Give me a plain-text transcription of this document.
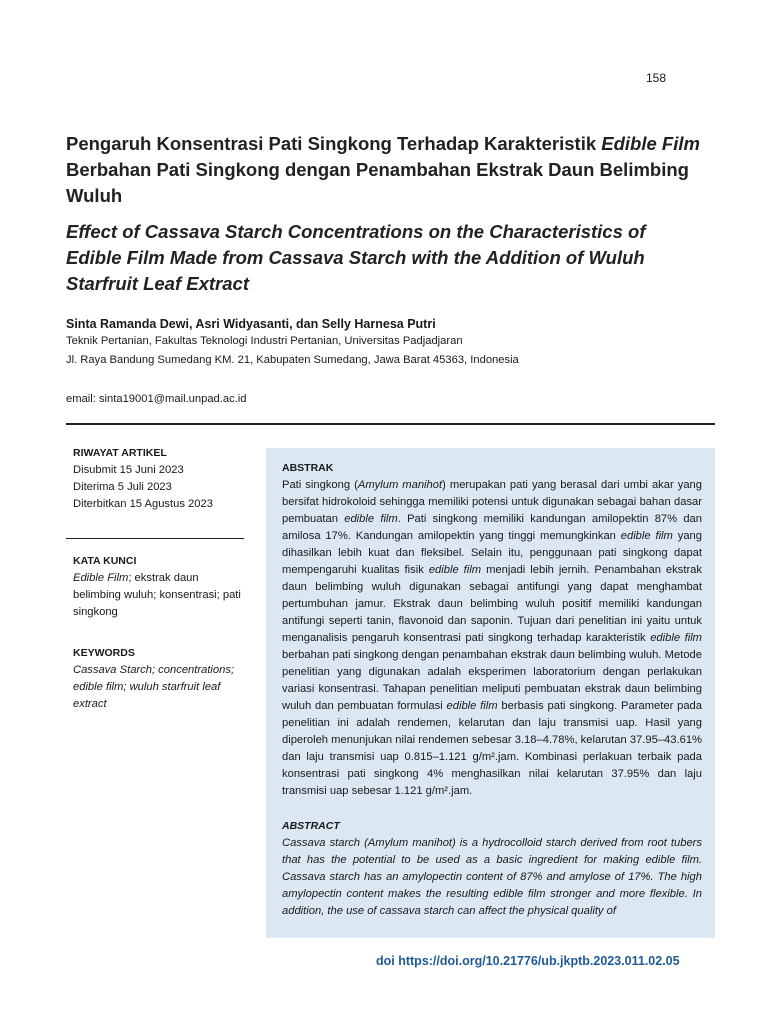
158
Pengaruh Konsentrasi Pati Singkong Terhadap Karakteristik Edible Film Berbahan Pati Singkong dengan Penambahan Ekstrak Daun Belimbing Wuluh
Effect of Cassava Starch Concentrations on the Characteristics of Edible Film Made from Cassava Starch with the Addition of Wuluh Starfruit Leaf Extract
Sinta Ramanda Dewi, Asri Widyasanti, dan Selly Harnesa Putri
Teknik Pertanian, Fakultas Teknologi Industri Pertanian, Universitas Padjadjaran
Jl. Raya Bandung Sumedang KM. 21, Kabupaten Sumedang, Jawa Barat 45363, Indonesia
email: sinta19001@mail.unpad.ac.id
RIWAYAT ARTIKEL
Disubmit 15 Juni 2023
Diterima 5 Juli 2023
Diterbitkan 15 Agustus 2023
KATA KUNCI
Edible Film; ekstrak daun belimbing wuluh; konsentrasi; pati singkong
KEYWORDS
Cassava Starch; concentrations; edible film; wuluh starfruit leaf extract
ABSTRAK

Pati singkong (Amylum manihot) merupakan pati yang berasal dari umbi akar yang bersifat hidrokoloid sehingga memiliki potensi untuk digunakan sebagai bahan dasar pembuatan edible film. Pati singkong memiliki kandungan amilopektin 87% dan amilosa 17%. Kandungan amilopektin yang tinggi memungkinkan edible film yang dihasilkan lebih kuat dan fleksibel. Selain itu, penggunaan pati singkong dapat mempengaruhi kualitas fisik edible film menjadi lebih jernih. Penambahan ekstrak daun belimbing wuluh digunakan sebagai antifungi yang dapat menghambat pertumbuhan jamur. Ekstrak daun belimbing wuluh positif memiliki kandungan antifungi seperti tanin, flavonoid dan saponin. Tujuan dari penelitian ini yaitu untuk menganalisis pengaruh konsentrasi pati singkong terhadap karakteristik edible film berbahan pati singkong dengan penambahan ekstrak daun belimbing wuluh. Metode penelitian yang digunakan adalah eksperimen laboratorium dengan perlakukan variasi konsentrasi. Tahapan penelitian meliputi pembuatan ekstrak daun belimbing wuluh dan pembuatan formulasi edible film berbasis pati singkong. Parameter pada penelitian ini adalah rendemen, kelarutan dan laju transmisi uap. Hasil yang diperoleh menunjukan nilai rendemen sebesar 3.18–4.78%, kelarutan 37.95–43.61% dan laju transmisi uap 0.815–1.121 g/m².jam. Kombinasi perlakuan terbaik pada konsentrasi pati singkong 4% menghasilkan nilai kelarutan 37.95% dan laju transmisi uap sebesar 1.121 g/m².jam.

ABSTRACT

Cassava starch (Amylum manihot) is a hydrocolloid starch derived from root tubers that has the potential to be used as a basic ingredient for making edible film. Cassava starch has an amylopectin content of 87% and amylose of 17%. The high amylopectin content makes the resulting edible film stronger and more flexible. In addition, the use of cassava starch can affect the physical quality of

doi https://doi.org/10.21776/ub.jkptb.2023.011.02.05
